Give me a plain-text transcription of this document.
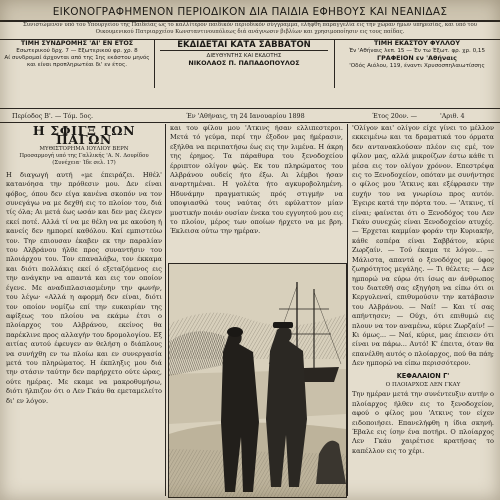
ΕΙΚΟΝΟΓΡΑΦΗΜΕΝΟΝ ΠΕΡΙΟΔΙΚΟΝ ΔΙΑ ΠΑΙΔΙΑ ΕΦΗΒΟΥΣ ΚΑΙ ΝΕΑΝΙΔΑΣ
Συνιστώμενον υπό του Υπουργείου της Παιδείας ως το καλλίτερον παιδικόν περιοδικόν σύγγραμμα, ελήφθη παραγγελία εις την χώραν ήμων υπηρεσίας, και υπό του Οικουμενικού Πατριαρχείου Κωνσταντινουπόλεως διά ανάγνωσιν βιβλίων και χρησιμοποίησιν εις τους παίδας.
ΤΙΜΗ ΣΥΝΔΡΟΜΗΣ 'ΑΙ' ΕΝ ΕΤΟΣ
Εσωτερικού δρχ. 7 — Εξωτερικού φρ. χρ. 8
Αί συνδρομαί άρχονται από της 1ης εκάστου μηνός
και είναι προπληρωτέαι δι' εν έτος.
ΕΚΔΙΔΕΤΑΙ ΚΑΤΑ ΣΑΒΒΑΤΟΝ
ΔΙΕΥΘΥΝΤΗΣ ΚΑΙ ΕΚΔΟΤΗΣ
ΝΙΚΟΛΑΟΣ Π. ΠΑΠΑΔΟΠΟΥΛΟΣ
ΤΙΜΗ ΕΚΑΣΤΟΥ ΦΥΛΛΟΥ
Έν 'Αθήναις λεπ. 15 — Έν τω Έξωτ. φρ. χρ. 0,15
ΓΡΑΦΕΙΟΝ εν 'Αθήναις
'Οδός Αιόλου, 119, έναντι Χρυσοσπηλαιωτίσσης
Περίοδος Β'. — Τόμ. 5ος.	Έν 'Αθήναις, τη 24 Ιανουαρίου 1898	Έτος 20ον. —	'Αριθ. 4
Η ΣΦΙΓΞ ΤΩΝ ΠΑΓΩΝ
ΜΥΘΙΣΤΟΡΗΜΑ ΙΟΥΛΙΟΥ ΒΕΡΝ
Προσαρμογή υπό της Γαλλικής 'Α. Ν. Δουρίδου
(Συνέχεια· Ίδε σελ. 17)

Η διαγωγή αυτή «με έπειράζει. Ηθέλ' κατανόησα την πρόθεσιν μου. Δεν είναι φόβος, όπου δεν είγα κανένα σκοπόν να τον συνεγάγω να με δεχθή εις το πλοίον του, διά τίς όλα; Αι μετά έως ωσάν και δεν μας έλεγεν εκεί ποτέ. Αλλά τί να με θέλη να με ακούση ή κανείς δεν ημπορεί καθόλου. Καί εμπιστεύω τον. Την επιουσαν έκαβεν εκ την παραλίαν του Αλβράνου ήλθε προς συναντήσιν του πλοιάρχου του. Τον επαναλάβω, τον έκκαμα και διότι πολλάκις εκεί ό εξεταζόμενος εις την ανάγκην να απαντά και εις τον οποίον έγενε. Με αναδιπλασιασμένην την φωνήν, του λέγω· «Αλλά η αφορμή δεν είναι, διότι τον οποίον νομίζω επί την ευκαιρίαν της αφίξεως του πλοίου να εκάμω έτσι ο πλοίαρχος του Αλβράνου, εκείνος θα παρέκλινε προς αλλαγήν του δρομολογίου. Εξ αιτίας αυτού έφευγεν αν θελήση ο διάπλους να συνήχθη εν τω πλοίω και εν συνεργασία μετά του πληρώματος. Η έκπληξις μου διά την στάσιν ταύτην δεν παρήρχετο ούτε ώρας, ούτε ημέρας. Με εκαμε να μακροθυμήσω, διότι ήλπιζον ότι ο Λεν Γκάυ θα εμεταμελείτο δι' εν λόγον.

και του φίλου μου 'Ατκινς ήσαν ελλιπεστεροι. Μετά τό γεύμα, περί την έξοδον μας ήμέρασιν, εξήλθα να περιπατήσω έως εις την λιμένα. Η άκρη της έρημος. Τα πάραθυρα του ξενοδοχείου έρριπτον ολίγον φώς. Εκ του πληρώματος του Αλβράνου ουδείς ήτο έξω. Αι λέμβοι ήσαν αναρτημέναι. Η γολέτα ήτο αγκυροβολημένη. Ηδυνάμην πραγματικώς πρός στιγμήν να υποψιασθώ τους ναύτας ότι εφύλαττον μίαν μυστικήν ποιάν ουσίαν ένεκα του εγγυητού μου εις το πλοίον, μέρος των οποίων ήρχετο να με βρη. Έκλεισα ούτω την ημέραν.

'Ολίγον και' ολίγον είχε γίνει το μέλλον εκκειμένω και τα δραματικά του όρματα δεν αντανακλούσαν πλέον εις εμέ, τον φίλον μας, αλλά μικροίζων έστω κάθε τι μέσα εις τον ολίγον χρόνον. Επεστρέψα εις το Ξενοδοχείον, οπόταν με συνήντησε ο φίλος μου 'Ατκινς και εξέφρασεν την ευχήν του να γνωρίσω προς αυτόν. Έγειρε κατά την πόρτα του. — 'Ατκινς, τί είναι; φαίνεται ότι ο Ξενοδόχος του Λεν Γκάυ συνεχώς είναι Ξενοδοχείον ατυχές. — Έρχεται καμμίαν φοράν την Κυριακήν, κάθε εσπέρα είναι Σαββάτον, κύριε Ζωρζαίν. — Τού έκαμα τε λόγον... — Μάλιστα, απαντά ο ξενοδόχος με ύφος ζωηρότητος μεγάλης. — Τι θέλετε; — Δεν ημπορώ να εύρω ότι ίσως αν άνθρωπος του διατεθή σας εξηγήση να είπω ότι οι Κεργυλεναί, επιθυμούσιν την κατάβασιν του Αλβράνου. — Ναί! — Και τί σας απήντησεν; — Ούχι, ότι επιθυμώ εις πλουν να τον αναμένω, κύριε Ζωρζαίν! — Κι όμως... — Ναί, κύριε, μας έπεισεν ότι είναι να πάρω... Αυτό! Κ' έπειτα, όταν θα επανέλθη αυτός ο πλοίαρχος, πού θα πάη; Δεν ημπορώ να είπω περισσότερον.

ΚΕΦΑΛΑΙΟΝ Γ'
Ο ΠΛΟΙΑΡΧΟΣ ΛΕΝ ΓΚΑΥ

Την ημέραν μετά την συνέντευξιν αυτήν ο πλοίαρχος ήλθεν εις το ξενοδοχείον, αφού ο φίλος μου 'Ατκινς τον είχεν ειδοποιήσει. Επανελήφθη η ίδια σκηνή. Έβαλε εις ίσην ένα ποτήρι. Ο πλοίαρχος Λεν Γκάυ χαιρέτισε κρατήσας το καπέλλον εις το χέρι.
